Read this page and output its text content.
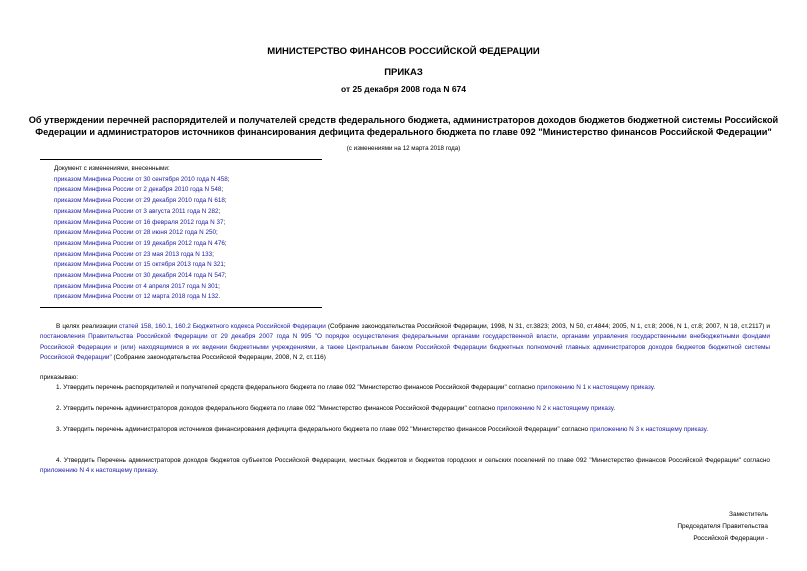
МИНИСТЕРСТВО ФИНАНСОВ РОССИЙСКОЙ ФЕДЕРАЦИИ
ПРИКАЗ
от 25 декабря 2008 года N 674
Об утверждении перечней распорядителей и получателей средств федерального бюджета, администраторов доходов бюджетов бюджетной системы Российской Федерации и администраторов источников финансирования дефицита федерального бюджета по главе 092 "Министерство финансов Российской Федерации"
(с изменениями на 12 марта 2018 года)
Документ с изменениями, внесенными:
приказом Минфина России от 30 сентября 2010 года N 458;
приказом Минфина России от 2 декабря 2010 года N 548;
приказом Минфина России от 29 декабря 2010 года N 618;
приказом Минфина России от 3 августа 2011 года N 282;
приказом Минфина России от 16 февраля 2012 года N 37;
приказом Минфина России от 28 июня 2012 года N 250;
приказом Минфина России от 19 декабря 2012 года N 476;
приказом Минфина России от 23 мая 2013 года N 133;
приказом Минфина России от 15 октября 2013 года N 321;
приказом Минфина России от 30 декабря 2014 года N 547;
приказом Минфина России от 4 апреля 2017 года N 301;
приказом Минфина России от 12 марта 2018 года N 132.
В целях реализации статей 158, 160.1, 160.2 Бюджетного кодекса Российской Федерации (Собрание законодательства Российской Федерации, 1998, N 31, ст.3823; 2003, N 50, ст.4844; 2005, N 1, ст.8; 2006, N 1, ст.8; 2007, N 18, ст.2117) и постановления Правительства Российской Федерации от 29 декабря 2007 года N 995 "О порядке осуществления федеральными органами государственной власти, органами управления государственными внебюджетными фондами Российской Федерации и (или) находящимися в их ведении бюджетными учреждениями, а также Центральным банком Российской Федерации бюджетных полномочий главных администраторов доходов бюджетов бюджетной системы Российской Федерации" (Собрание законодательства Российской Федерации, 2008, N 2, ст.116)
приказываю:
1. Утвердить перечень распорядителей и получателей средств федерального бюджета по главе 092 "Министерство финансов Российской Федерации" согласно приложению N 1 к настоящему приказу.
2. Утвердить перечень администраторов доходов федерального бюджета по главе 092 "Министерство финансов Российской Федерации" согласно приложению N 2 к настоящему приказу.
3. Утвердить перечень администраторов источников финансирования дефицита федерального бюджета по главе 092 "Министерство финансов Российской Федерации" согласно приложению N 3 к настоящему приказу.
4. Утвердить Перечень администраторов доходов бюджетов субъектов Российской Федерации, местных бюджетов и бюджетов городских и сельских поселений по главе 092 "Министерство финансов Российской Федерации" согласно приложению N 4 к настоящему приказу.
Заместитель
Председателя Правительства
Российской Федерации -
